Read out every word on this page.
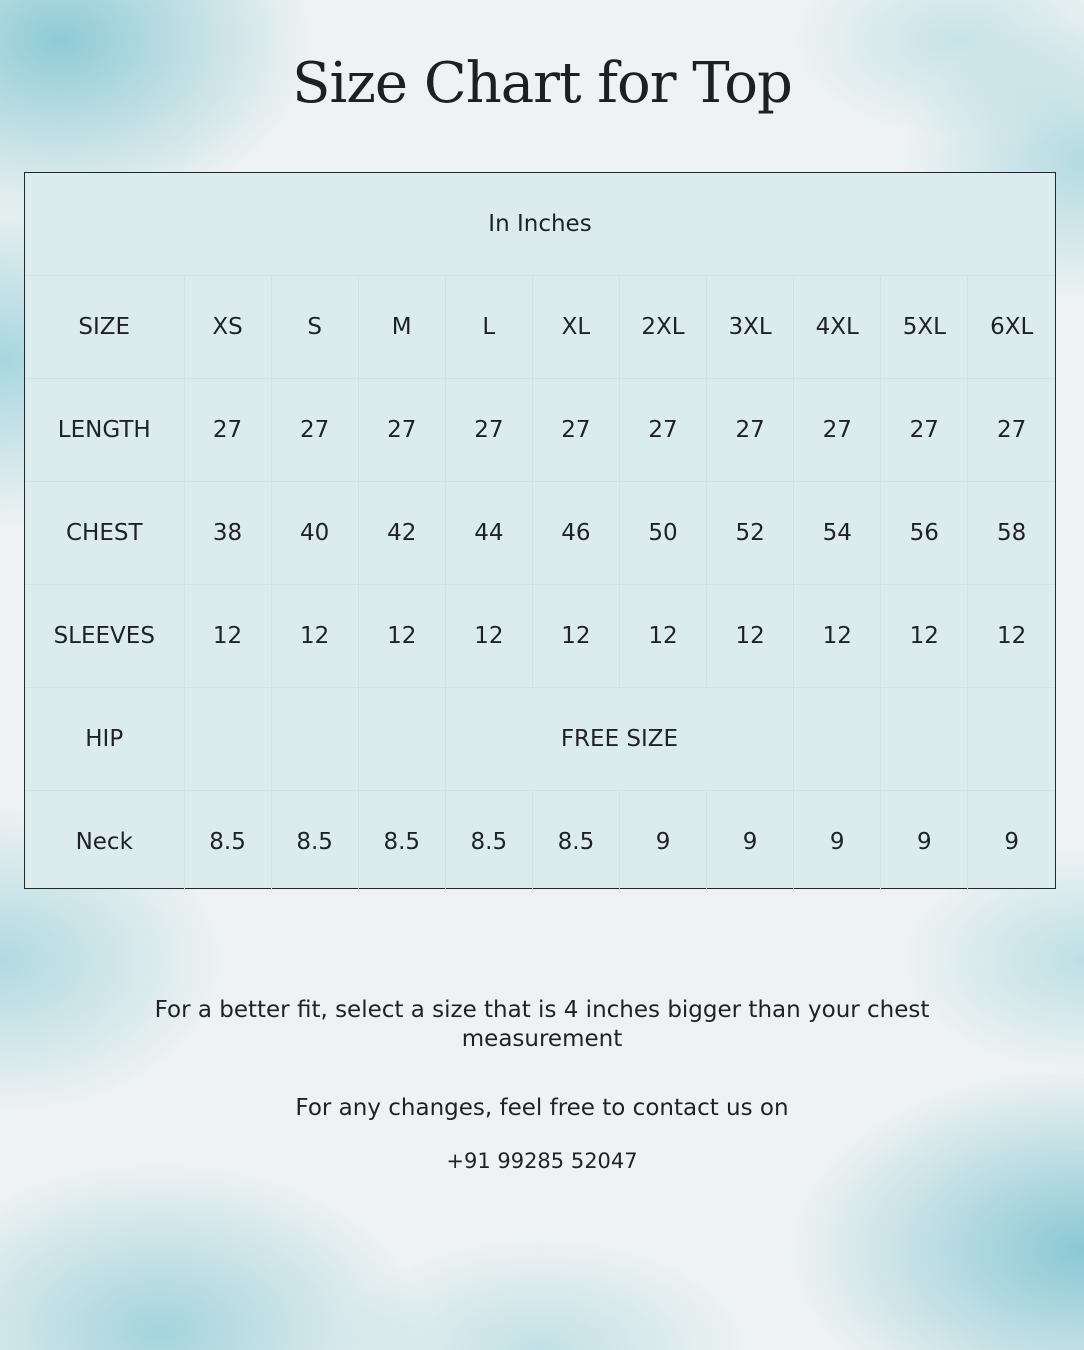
Size Chart for Top
In Inches										
SIZE	XS	S	M	L	XL	2XL	3XL	4XL	5XL	6XL
LENGTH	27	27	27	27	27	27	27	27	27	27
CHEST	38	40	42	44	46	50	52	54	56	58
SLEEVES	12	12	12	12	12	12	12	12	12	12
HIP				FREE SIZE						
Neck	8.5	8.5	8.5	8.5	8.5	9	9	9	9	9

For a better fit, select a size that is 4 inches bigger than your chest measurement

For any changes, feel free to contact us on

+91 99285 52047
